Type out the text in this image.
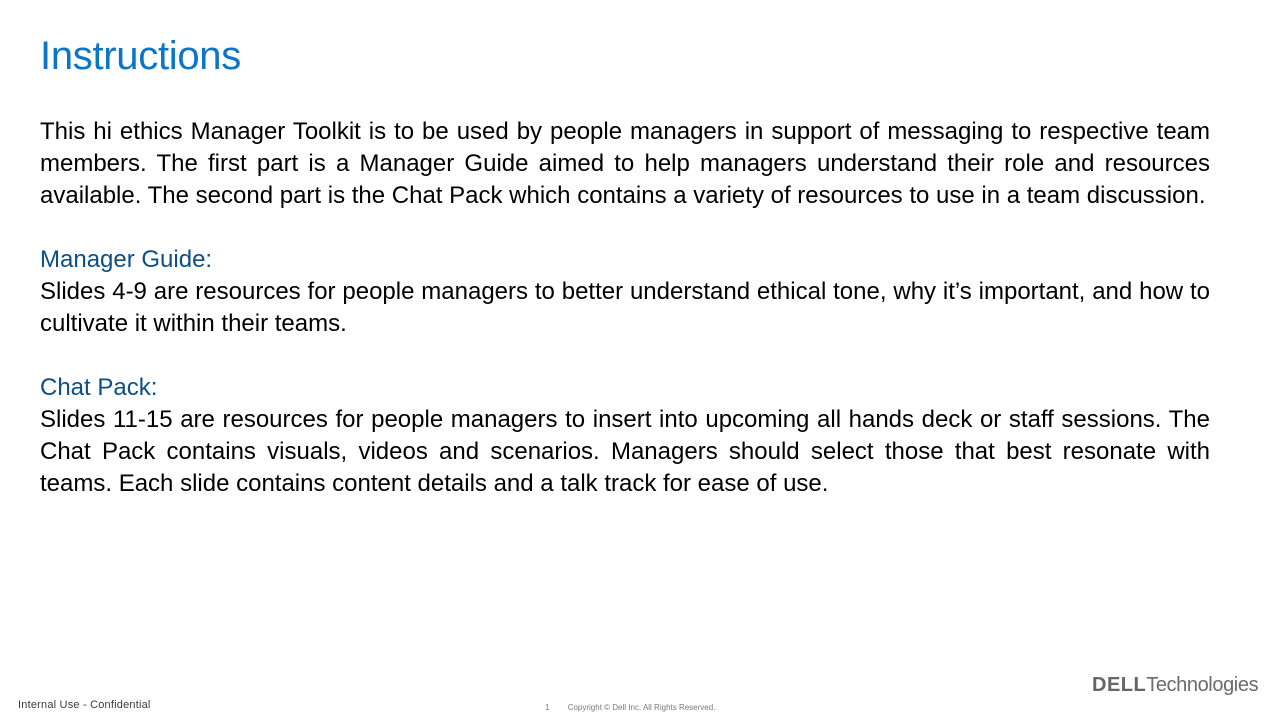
Instructions

This hi ethics Manager Toolkit is to be used by people managers in support of messaging to respective team members. The first part is a Manager Guide aimed to help managers understand their role and resources available. The second part is the Chat Pack which contains a variety of resources to use in a team discussion.

Manager Guide:

Slides 4-9 are resources for people managers to better understand ethical tone, why it’s important, and how to cultivate it within their teams.

Chat Pack:

Slides 11-15 are resources for people managers to insert into upcoming all hands deck or staff sessions. The Chat Pack contains visuals, videos and scenarios. Managers should select those that best resonate with teams. Each slide contains content details and a talk track for ease of use.

Internal Use - Confidential	1 Copyright © Dell Inc. All Rights Reserved.
DELLTechnologies
